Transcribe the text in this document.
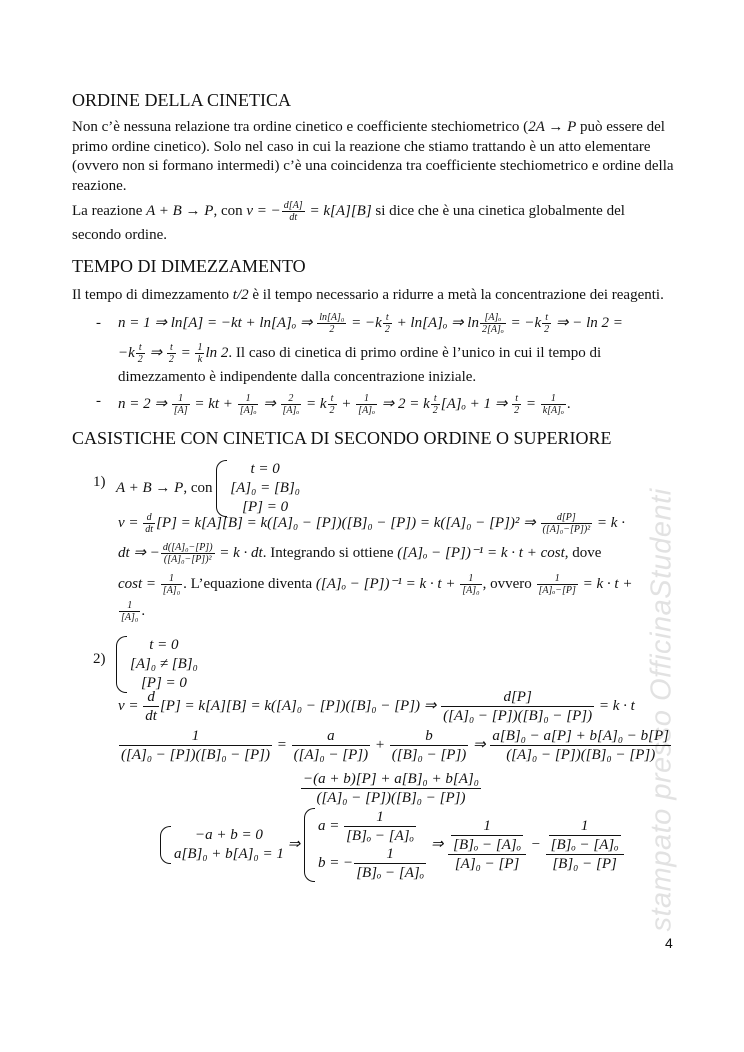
ORDINE DELLA CINETICA
TEMPO DI DIMEZZAMENTO
CASISTICHE CON CINETICA DI SECONDO ORDINE O SUPERIORE
-
-
1)
2)	stampato presso OfficinaStudenti
4
Non c’è nessuna relazione tra ordine cinetico e coefficiente stechiometrico (2A → P può essere del
primo ordine cinetico). Solo nel caso in cui la reazione che stiamo trattando è un atto elementare
(ovvero non si formano intermedi) c’è una coincidenza tra coefficiente stechiometrico e ordine della
reazione.
La reazione A + B → P, con v = − $\frac{d[A]}{dt} = k[A][B]$ si dice che è una cinetica globalmente del
secondo ordine.
Il tempo di dimezzamento t/2 è il tempo necessario a ridurre a metà la concentrazione dei reagenti.
n = 1 ⇒ ln[A] = −kt + ln[A]ₒ ⇒ $\frac{\text{ln[A]₀}}{2} = -k \frac{t}{2} + \ln[A]_o$ ⇒ $\ln \frac{\text{[A]ₒ}}{\text{2[A]ₒ}} = -k \frac{t}{2}$ ⇒ − ln 2 =
$-k \frac{t}{2}$ ⇒ $\frac{t}{2} = \frac{1}{k}$ ln 2. Il caso di cinetica di primo ordine è l’unico in cui il tempo di
dimezzamento è indipendente dalla concentrazione iniziale.
n = 2 ⇒ $\frac{1}{[A]}$ = kt + $\frac{1}{\text{[A]ₒ}}$ ⇒ $\frac{2}{\text{[A]ₒ}} = k \frac{t}{2} + \frac{1}{\text{[A]ₒ}}$ ⇒ 2 = k $\frac{t}{2} [A]_o + 1$ ⇒ $\frac{t}{2} = \frac{1}{\text{k[A]ₒ}}$ .
A + B → P, con
t = 0
[A]₀ = [B]₀
[P] = 0
$v = \frac{d}{dt} [P] = k[A][B] = k([A]_0 - [P])([B]_0 - [P]) = k([A]_0 - [P])^2$ ⇒ $\frac{d[P]}{\text{([A]₀−[P])²}} = k$ ·
dt ⇒ − $\frac{\text{d([A]₀−[P])}}{\text{([A]₀−[P])²}} = k$ · dt. Integrando si ottiene ([A]ₒ − [P])⁻¹ = k · t + cost, dove
$\cos t = \frac{1}{\text{[A]₀}}$ . L’equazione diventa $([A]_o - [P])^{-1} = k \cdot t + \frac{1}{\text{[A]₀}}$ , ovvero $\frac{1}{\text{[A]ₒ−[P]}} = k \cdot t$ +
$\frac{1}{\text{[A]₀}}$ .
t = 0
[A]₀ ≠ [B]₀
[P] = 0
$v = \frac{d}{dt} [P] = k[A][B] = k([A]_0 - [P])([B]_0 - [P])$ ⇒ $\frac{d[P]}{\text{([A]₀ − [P])([B]₀ − [P])}} = k \cdot t$
$\frac{1}{\text{([A]₀ − [P])([B]₀ − [P])}} = \frac{a}{\text{([A]₀ − [P])}} + \frac{b}{\text{([B]₀ − [P])}}$ ⇒ $\frac{\text{a[B]₀ − a[P] + b[A]₀ − b[P]}}{\text{([A]₀ − [P])([B]₀ − [P])}}$
$\frac{\text{−(a + b)[P] + a[B]₀ + b[A]₀}}{\text{([A]₀ − [P])([B]₀ − [P])}}$
−a + b = 0
a[B]₀ + b[A]₀ = 1
⇒
$a = \frac{1}{\text{[B]ₒ − [A]ₒ}}$
b = − $\frac{1}{\text{[B]ₒ − [A]ₒ}}$
⇒ $\frac{\frac{1}{\text{[B]ₒ − [A]ₒ}}}{\text{[A]₀ − [P]}} - \frac{\frac{1}{\text{[B]ₒ − [A]ₒ}}}{\text{[B]₀ − [P]}}$
